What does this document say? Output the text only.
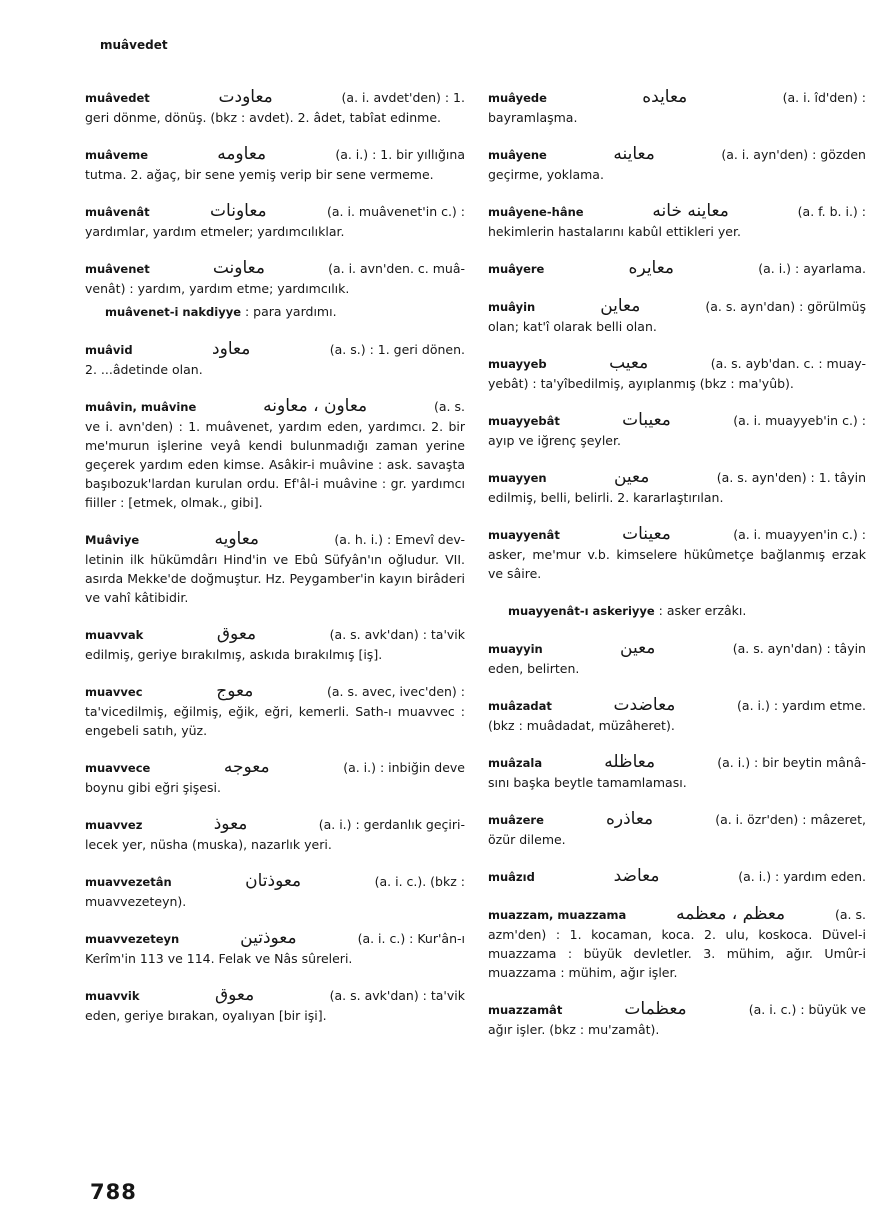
muâvedet
muâvedet	معاودت	(a. i. avdet'den) : 1.
geri dönme, dönüş. (bkz : avdet). 2. âdet, tabîat edinme.
muâveme	معاومه	(a. i.) : 1. bir yıllığına
tutma. 2. ağaç, bir sene yemiş verip bir sene vermeme.
muâvenât	معاونات	(a. i. muâvenet'in c.) :
yardımlar, yardım etmeler; yardımcılıklar.
muâvenet	معاونت	(a. i. avn'den. c. muâ-
venât) : yardım, yardım etme; yardımcılık.
muâvenet-i nakdiyye : para yardımı.
muâvid	معاود	(a. s.) : 1. geri dönen.
2. ...âdetinde olan.
muâvin, muâvine	معاون ، معاونه	(a. s.
ve i. avn'den) : 1. muâvenet, yardım eden, yardımcı. 2. bir me'murun işlerine veyâ kendi bulunmadığı zaman yerine geçerek yardım eden kimse. Asâkir-i muâvine : ask. savaşta başıbozuk'lardan kurulan ordu. Ef'âl-i muâvine : gr. yardımcı fiiller : [etmek, olmak., gibi].
Muâviye	معاويه	(a. h. i.) : Emevî dev-
letinin ilk hükümdârı Hind'in ve Ebû Süfyân'ın oğludur. VII. asırda Mekke'de doğmuştur. Hz. Peygamber'in kayın birâderi ve vahî kâtibidir.
muavvak	معوق	(a. s. avk'dan) : ta'vik
edilmiş, geriye bırakılmış, askıda bırakılmış [iş].
muavvec	معوج	(a. s. avec, ivec'den) :
ta'vicedilmiş, eğilmiş, eğik, eğri, kemerli. Sath-ı muavvec : engebeli satıh, yüz.
muavvece	معوجه	(a. i.) : inbiğin deve
boynu gibi eğri şişesi.
muavvez	معوذ	(a. i.) : gerdanlık geçiri-
lecek yer, nüsha (muska), nazarlık yeri.
muavvezetân	معوذتان	(a. i. c.). (bkz :
muavvezeteyn).
muavvezeteyn	معوذتين	(a. i. c.) : Kur'ân-ı
Kerîm'in 113 ve 114. Felak ve Nâs sûreleri.
muavvik	معوق	(a. s. avk'dan) : ta'vik
eden, geriye bırakan, oyalıyan [bir işi].
muâyede	معايده	(a. i. îd'den) :
bayramlaşma.
muâyene	معاينه	(a. i. ayn'den) : gözden
geçirme, yoklama.
muâyene-hâne	معاينه خانه	(a. f. b. i.) :
hekimlerin hastalarını kabûl ettikleri yer.
muâyere	معايره	(a. i.) : ayarlama.
muâyin	معاين	(a. s. ayn'dan) : görülmüş
olan; kat'î olarak belli olan.
muayyeb	معيب	(a. s. ayb'dan. c. : muay-
yebât) : ta'yîbedilmiş, ayıplanmış (bkz : ma'yûb).
muayyebât	معيبات	(a. i. muayyeb'in c.) :
ayıp ve iğrenç şeyler.
muayyen	معين	(a. s. ayn'den) : 1. tâyin
edilmiş, belli, belirli. 2. kararlaştırılan.
muayyenât	معينات	(a. i. muayyen'in c.) :
asker, me'mur v.b. kimselere hükûmetçe bağlanmış erzak ve sâire.
muayyenât-ı askeriyye : asker erzâkı.
muayyin	معين	(a. s. ayn'dan) : tâyin
eden, belirten.
muâzadat	معاضدت	(a. i.) : yardım etme.
(bkz : muâdadat, müzâheret).
muâzala	معاظله	(a. i.) : bir beytin mânâ-
sını başka beytle tamamlaması.
muâzere	معاذره	(a. i. özr'den) : mâzeret,
özür dileme.
muâzıd	معاضد	(a. i.) : yardım eden.
muazzam, muazzama	معظم ، معظمه	(a. s.
azm'den) : 1. kocaman, koca. 2. ulu, koskoca. Düvel-i muazzama : büyük devletler. 3. mühim, ağır. Umûr-i muazzama : mühim, ağır işler.
muazzamât	معظمات	(a. i. c.) : büyük ve
ağır işler. (bkz : mu'zamât).
788
